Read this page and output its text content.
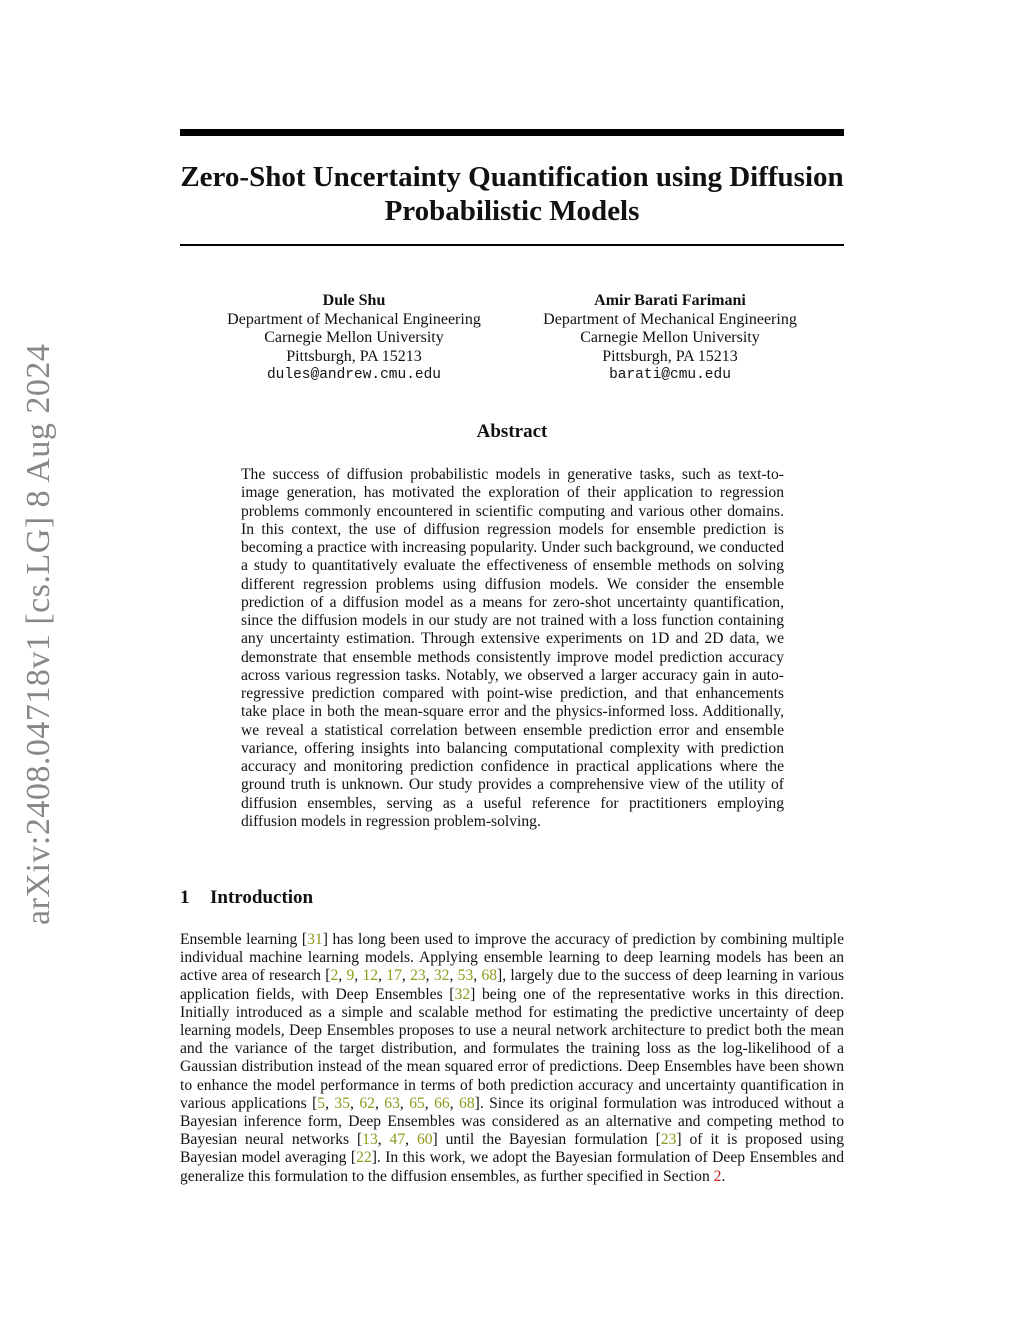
arXiv:2408.04718v1 [cs.LG] 8 Aug 2024
Zero-Shot Uncertainty Quantification using Diffusion Probabilistic Models
Dule Shu
Department of Mechanical Engineering
Carnegie Mellon University
Pittsburgh, PA 15213
dules@andrew.cmu.edu
Amir Barati Farimani
Department of Mechanical Engineering
Carnegie Mellon University
Pittsburgh, PA 15213
barati@cmu.edu
Abstract

The success of diffusion probabilistic models in generative tasks, such as text-to-image generation, has motivated the exploration of their application to regression problems commonly encountered in scientific computing and various other domains. In this context, the use of diffusion regression models for ensemble prediction is becoming a practice with increasing popularity. Under such background, we conducted a study to quantitatively evaluate the effectiveness of ensemble methods on solving different regression problems using diffusion models. We consider the ensemble prediction of a diffusion model as a means for zero-shot uncertainty quantification, since the diffusion models in our study are not trained with a loss function containing any uncertainty estimation. Through extensive experiments on 1D and 2D data, we demonstrate that ensemble methods consistently improve model prediction accuracy across various regression tasks. Notably, we observed a larger accuracy gain in auto-regressive prediction compared with point-wise prediction, and that enhancements take place in both the mean-square error and the physics-informed loss. Additionally, we reveal a statistical correlation between ensemble prediction error and ensemble variance, offering insights into balancing computational complexity with prediction accuracy and monitoring prediction confidence in practical applications where the ground truth is unknown. Our study provides a comprehensive view of the utility of diffusion ensembles, serving as a useful reference for practitioners employing diffusion models in regression problem-solving.

1 Introduction

Ensemble learning [31] has long been used to improve the accuracy of prediction by combining multiple individual machine learning models. Applying ensemble learning to deep learning models has been an active area of research [2, 9, 12, 17, 23, 32, 53, 68], largely due to the success of deep learning in various application fields, with Deep Ensembles [32] being one of the representative works in this direction. Initially introduced as a simple and scalable method for estimating the predictive uncertainty of deep learning models, Deep Ensembles proposes to use a neural network architecture to predict both the mean and the variance of the target distribution, and formulates the training loss as the log-likelihood of a Gaussian distribution instead of the mean squared error of predictions. Deep Ensembles have been shown to enhance the model performance in terms of both prediction accuracy and uncertainty quantification in various applications [5, 35, 62, 63, 65, 66, 68]. Since its original formulation was introduced without a Bayesian inference form, Deep Ensembles was considered as an alternative and competing method to Bayesian neural networks [13, 47, 60] until the Bayesian formulation [23] of it is proposed using Bayesian model averaging [22]. In this work, we adopt the Bayesian formulation of Deep Ensembles and generalize this formulation to the diffusion ensembles, as further specified in Section 2.
